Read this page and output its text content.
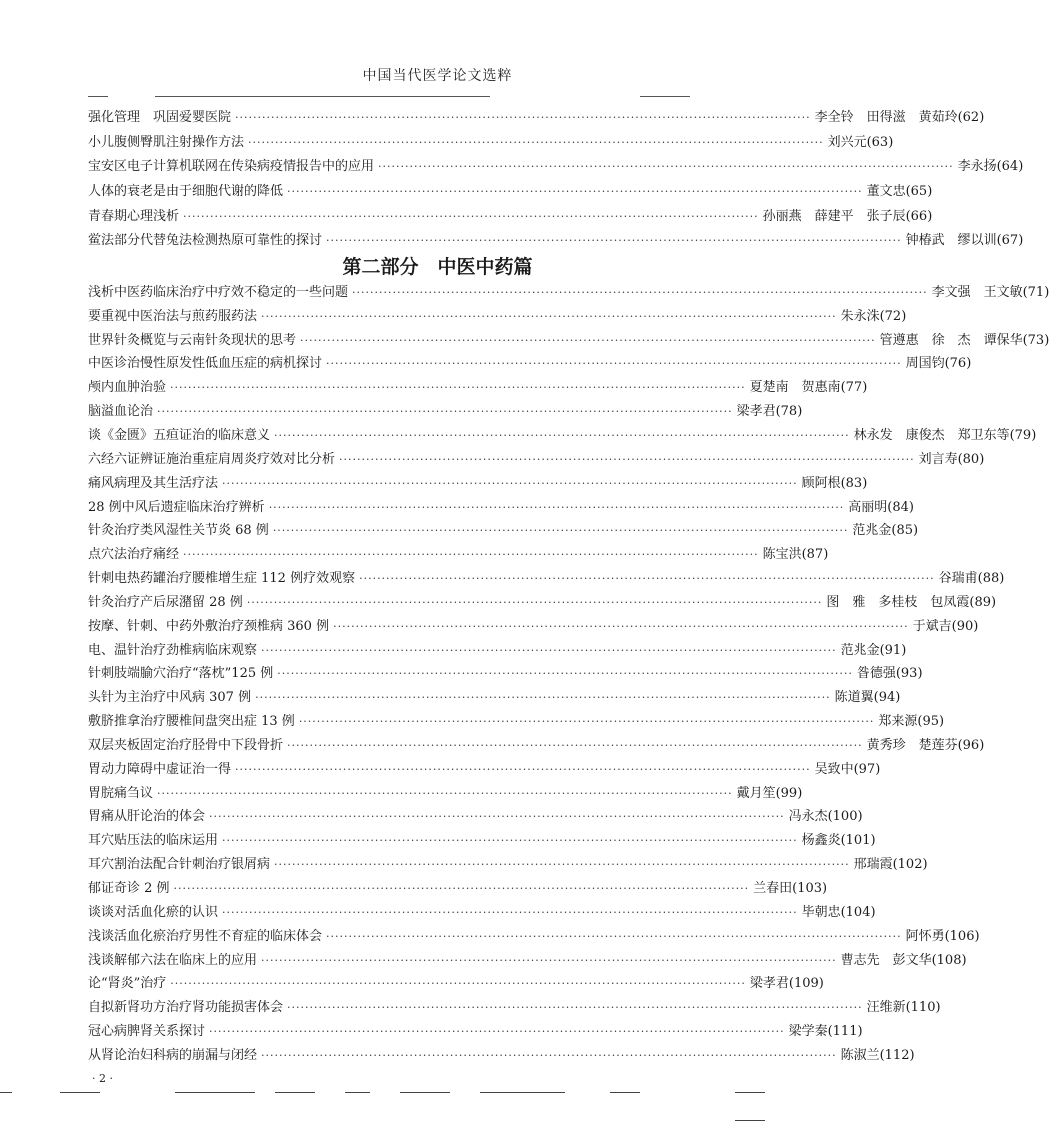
中国当代医学论文选粹
强化管理　巩固爱婴医院 ·····	李全铃　田得滋　黄茹玲 (62)
小儿腹侧臀肌注射操作方法 ·····	刘兴元 (63)
宝安区电子计算机联网在传染病疫情报告中的应用 ·····	李永扬 (64)
人体的衰老是由于细胞代谢的降低 ·····	董文忠 (65)
青春期心理浅析 ·····	孙丽燕　薛建平　张子辰 (66)
鲎法部分代替兔法检测热原可靠性的探讨 ·····	钟椿武　缪以训 (67)
第二部分　中医中药篇
浅析中医药临床治疗中疗效不稳定的一些问题 ·····	李文强　王文敏 (71)
要重视中医治法与煎药服药法 ·····	朱永洙 (72)
世界针灸概览与云南针灸现状的思考 ·····	管遵惠　徐　杰　谭保华 (73)
中医诊治慢性原发性低血压症的病机探讨 ·····	周国钧 (76)
颅内血肿治验 ·····	夏楚南　贺惠南 (77)
脑溢血论治 ·····	梁孝君 (78)
谈《金匮》五疸证治的临床意义 ·····	林永发　康俊杰　郑卫东等 (79)
六经六证辨证施治重症肩周炎疗效对比分析 ·····	刘言寿 (80)
痛风病理及其生活疗法 ·····	顾阿根 (83)
28 例中风后遗症临床治疗辨析 ·····	高丽明 (84)
针灸治疗类风湿性关节炎 68 例 ·····	范兆金 (85)
点穴法治疗痛经 ·····	陈宝洪 (87)
针刺电热药罐治疗腰椎增生症 112 例疗效观察 ·····	谷瑞甫 (88)
针灸治疗产后尿潴留 28 例 ·····	图　雅　多桂枝　包凤霞 (89)
按摩、针刺、中药外敷治疗颈椎病 360 例 ·····	于斌吉 (90)
电、温针治疗劲椎病临床观察 ·····	范兆金 (91)
针刺肢端腧穴治疗“落枕”125 例 ·····	昝德强 (93)
头针为主治疗中风病 307 例 ·····	陈道翼 (94)
敷脐推拿治疗腰椎间盘突出症 13 例 ·····	郑来源 (95)
双层夹板固定治疗胫骨中下段骨折 ·····	黄秀珍　楚莲芬 (96)
胃动力障碍中虚证治一得 ·····	吴致中 (97)
胃脘痛刍议 ·····	戴月笙 (99)
胃痛从肝论治的体会 ·····	冯永杰 (100)
耳穴贴压法的临床运用 ·····	杨鑫炎 (101)
耳穴割治法配合针刺治疗银屑病 ·····	邢瑞霞 (102)
郁证奇诊 2 例 ·····	兰春田 (103)
谈谈对活血化瘀的认识 ·····	毕朝忠 (104)
浅谈活血化瘀治疗男性不育症的临床体会 ·····	阿怀勇 (106)
浅谈解郁六法在临床上的应用 ·····	曹志先　彭文华 (108)
论“肾炎”治疗 ·····	梁孝君 (109)
自拟新肾功方治疗肾功能损害体会 ·····	汪维新 (110)
冠心病脾肾关系探讨 ·····	梁学秦 (111)
从肾论治妇科病的崩漏与闭经 ·····	陈淑兰 (112)
· 2 ·
